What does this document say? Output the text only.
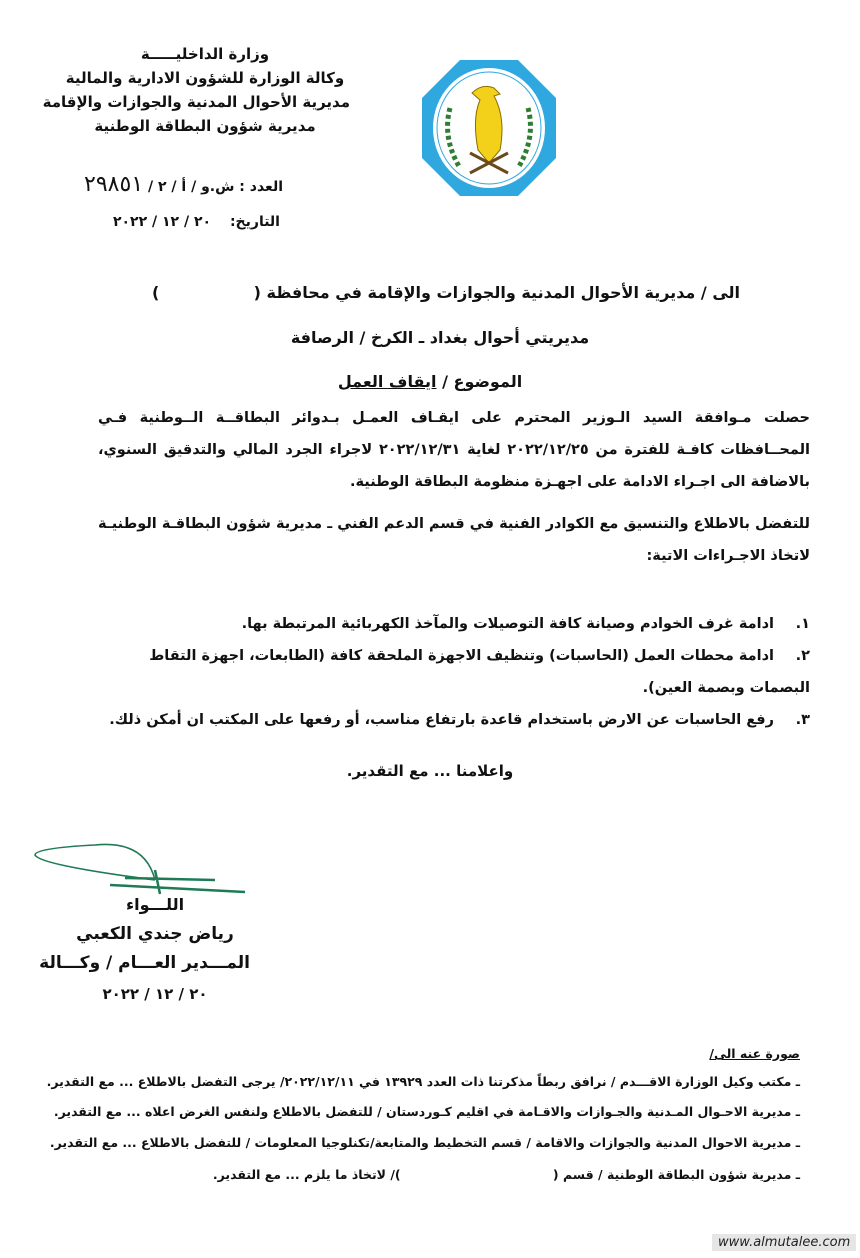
وزارة الداخليـــــة
وكالة الوزارة للشؤون الادارية والمالية
مديرية الأحوال المدنية والجوازات والإقامة
مديرية شؤون البطاقة الوطنية
العدد : ش.و / أ / ٢ / ٢٩٨٥١
التاريخ: ٢٠ / ١٢ / ٢٠٢٢
الى / مديرية الأحوال المدنية والجوازات والإقامة في محافظة (
)
مديريتي أحوال بغداد ـ الكرخ / الرصافة
الموضوع / ايقاف العمل

حصلت مـوافقة السيد الـوزير المحترم على ايقـاف العمـل بـدوائر البطاقــة الــوطنية فـي المحــافظات كافـة للفترة من ٢٠٢٢/١٢/٢٥ لغاية ٢٠٢٢/١٢/٣١ لاجراء الجرد المالي والتدقيق السنوي، بالاضافة الى اجـراء الادامة على اجهـزة منظومة البطاقة الوطنية.

للتفضل بالاطلاع والتنسيق مع الكوادر الفنية في قسم الدعم الفني ـ مديرية شؤون البطاقـة الوطنيـة لاتخاذ الاجـراءات الاتية:

١.ادامة غرف الخوادم وصيانة كافة التوصيلات والمآخذ الكهربائية المرتبطة بها.
٢.ادامة محطات العمل (الحاسبات) وتنظيف الاجهزة الملحقة كافة (الطابعات، اجهزة التقاط البصمات وبصمة العين).
٣.رفع الحاسبات عن الارض باستخدام قاعدة بارتفاع مناسب، أو رفعها على المكتب ان أمكن ذلك.
واعلامنا ... مع التقدير.
اللـــواء
رياض جندي الكعبي
المـــدير العـــام / وكـــالة
٢٠ / ١٢ / ٢٠٢٢
صورة عنه الى/
ـ مكتب وكيل الوزارة الاقـــدم / نرافق ربطاً مذكرتنا ذات العدد ١٣٩٢٩ في ٢٠٢٢/١٢/١١/ يرجى التفضل بالاطلاع ... مع التقدير.
ـ مديرية الاحـوال المـدنية والجـوازات والاقـامة في اقليم كـوردستان / للتفضل بالاطلاع ولنفس الغرض اعلاه ... مع التقدير.
ـ مديرية الاحوال المدنية والجوازات والاقامة / قسم التخطيط والمتابعة/تكنلوجيا المعلومات / للتفضل بالاطلاع ... مع التقدير.
ـ مديرية شؤون البطاقة الوطنية / قسم (                                   )/ لاتخاذ ما يلزم ... مع التقدير.
www.almutalee.com
